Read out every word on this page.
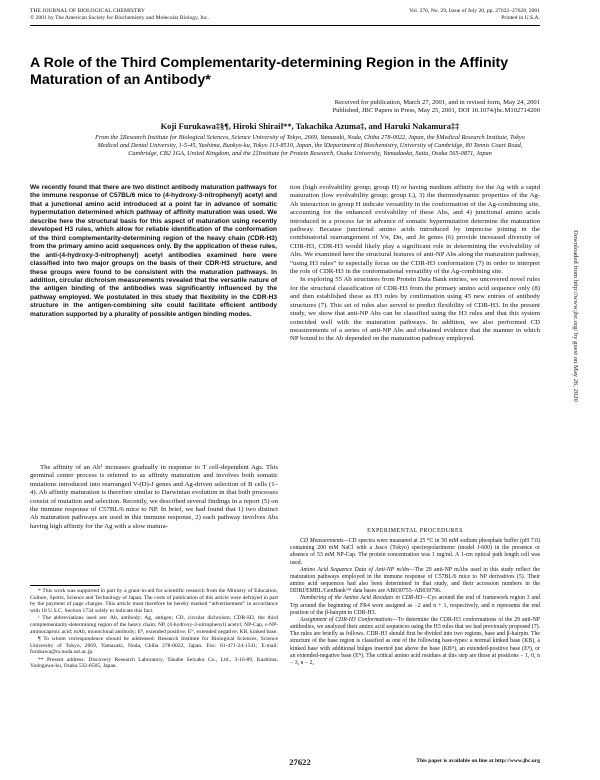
THE JOURNAL OF BIOLOGICAL CHEMISTRY
© 2001 by The American Society for Biochemistry and Molecular Biology, Inc.
Vol. 276, No. 29, Issue of July 20, pp. 27622–27628, 2001
Printed in U.S.A.
A Role of the Third Complementarity-determining Region in the Affinity Maturation of an Antibody*
Received for publication, March 27, 2001, and in revised form, May 24, 2001
Published, JBC Papers in Press, May 25, 2001, DOI 10.1074/jbc.M102714200
Koji Furukawa‡§¶, Hiroki Shirai‖**, Takachika Azuma‡, and Haruki Nakamura‡‡
From the ‡Research Institute for Biological Sciences, Science University of Tokyo, 2669, Yamazaki, Noda, Chiba 278-0022, Japan, the §Medical Research Institute, Tokyo Medical and Dental University, 1-5-45, Yushima, Bunkyo-ku, Tokyo 113-8510, Japan, the ‖Department of Biochemistry, University of Cambridge, 80 Tennis Court Road, Cambridge, CB2 1GA, United Kingdom, and the ‡‡Institute for Protein Research, Osaka University, Yamadaoka, Suita, Osaka 565-0871, Japan
We recently found that there are two distinct antibody maturation pathways for the immune response of C57BL/6 mice to (4-hydroxy-3-nitrophenyl) acetyl and that a junctional amino acid introduced at a point far in advance of somatic hypermutation determined which pathway of affinity maturation was used. We describe here the structural basis for this aspect of maturation using recently developed H3 rules, which allow for reliable identification of the conformation of the third complementarity-determining region of the heavy chain (CDR-H3) from the primary amino acid sequences only. By the application of these rules, the anti-(4-hydroxy-3-nitrophenyl) acetyl antibodies examined here were classified into two major groups on the basis of their CDR-H3 structure, and these groups were found to be consistent with the maturation pathways. In addition, circular dichroism measurements revealed that the versatile nature of the antigen binding of the antibodies was significantly influenced by the pathway employed. We postulated in this study that flexibility in the CDR-H3 structure in the antigen-combining site could facilitate efficient antibody maturation supported by a plurality of possible antigen binding modes.

The affinity of an Ab¹ increases gradually in response to T cell-dependent Ags. This germinal center process is referred to as affinity maturation and involves both somatic mutations introduced into rearranged V-(D)-J genes and Ag-driven selection of B cells (1–4). Ab affinity maturation is therefore similar to Darwinian evolution in that both processes consist of mutation and selection. Recently, we described several findings in a report (5) on the immune response of C57BL/6 mice to NP. In brief, we had found that 1) two distinct Ab maturation pathways are used in this immune response, 2) each pathway involves Abs having high affinity for the Ag with a slow matura-

* This work was supported in part by a grant-in-aid for scientific research from the Ministry of Education, Culture, Sports, Science and Technology of Japan. The costs of publication of this article were defrayed in part by the payment of page charges. This article must therefore be hereby marked “advertisement” in accordance with 18 U.S.C. Section 1734 solely to indicate this fact.

¹ The abbreviations used are: Ab, antibody; Ag, antigen; CD, circular dichroism; CDR-H3, the third complementarity-determining region of the heavy chain; NP, (4-hydroxy-3-nitrophenyl) acetyl; NP-Cap, ε-NP-aminocaproic acid; mAb, monoclonal antibody; Eᴮ, extended positive; Eᴺ, extended negative; KB, kinked base.

¶ To whom correspondence should be addressed: Research Institute for Biological Sciences, Science University of Tokyo, 2669, Yamazaki, Noda, Chiba 278-0022, Japan. Fax: 81-471-24-1541; E-mail: furukawa@rs.noda.sut.ac.jp.

** Present address: Discovery Research Laboratory, Tanabe Seiyaku Co., Ltd., 3-16-89, Kashima, Yodogawa-ku, Osaka 532-8505, Japan.

tion (high evolvability group; group H) or having medium affinity for the Ag with a rapid maturation (low evolvability group; group L), 3) the thermodynamic properties of the Ag-Ab interaction in group H indicate versatility in the conformation of the Ag-combining site, accounting for the enhanced evolvability of these Abs, and 4) junctional amino acids introduced in a process far in advance of somatic hypermutation determine the maturation pathway. Because junctional amino acids introduced by imprecise joining in the combinatorial rearrangement of Vн, Dн, and Jн genes (6) provide increased diversity of CDR-H3, CDR-H3 would likely play a significant role in determining the evolvability of Abs. We examined here the structural features of anti-NP Abs along the maturation pathway, “using H3 rules” to especially focus on the CDR-H3 conformation (7) in order to interpret the role of CDR-H3 in the conformational versatility of the Ag-combining site.

In exploring 55 Ab structures from Protein Data Bank entries, we uncovered novel rules for the structural classification of CDR-H3 from the primary amino acid sequence only (8) and then established these as H3 rules by confirmation using 45 new entries of antibody structures (7). This set of rules also served to predict flexibility of CDR-H3. In the present study, we show that anti-NP Abs can be classified using the H3 rules and that this system coincided well with the maturation pathways. In addition, we also performed CD measurements of a series of anti-NP Abs and obtained evidence that the manner in which NP bound to the Ab depended on the maturation pathway employed.

EXPERIMENTAL PROCEDURES

CD Measurements—CD spectra were measured at 25 °C in 50 mM sodium phosphate buffer (pH 7.0) containing 200 mM NaCl with a Jasco (Tokyo) spectropolarimeter (model J-600) in the presence or absence of 53 mM NP-Cap. The protein concentration was 1 mg/ml. A 1-cm optical path length cell was used.

Amino Acid Sequence Data of Anti-NP mAbs—The 29 anti-NP mAbs used in this study reflect the maturation pathways employed in the immune response of C57BL/6 mice to NP derivatives (5). Their amino acid sequences had also been determined in that study, and their accession numbers in the DDBJ/EMBL/GenBank™ data bases are AB030755–AB030796.

Numbering of the Amino Acid Residues in CDR-H3—Cys around the end of framework region 3 and Trp around the beginning of FR4 were assigned as −2 and n + 1, respectively, and n represents the end position of the β-hairpin in CDR-H3.

Assignment of CDR-H3 Conformations—To determine the CDR-H3 conformations of the 29 anti-NP antibodies, we analyzed their amino acid sequences using the H3 rules that we had previously proposed (7). The rules are briefly as follows. CDR-H3 should first be divided into two regions, base and β-hairpin. The structure of the base region is classified as one of the following base-types: a normal kinked base (KB), a kinked base with additional bulges inserted just above the base (KBᴬ), an extended-positive base (Eᴮ), or an extended-negative base (Eᴺ). The critical amino acid residues at this step are those at positions − 1, 0, n − 3, n − 2,

Downloaded from http://www.jbc.org/ by guest on May 26, 2020
27622	This paper is available on line at http://www.jbc.org
